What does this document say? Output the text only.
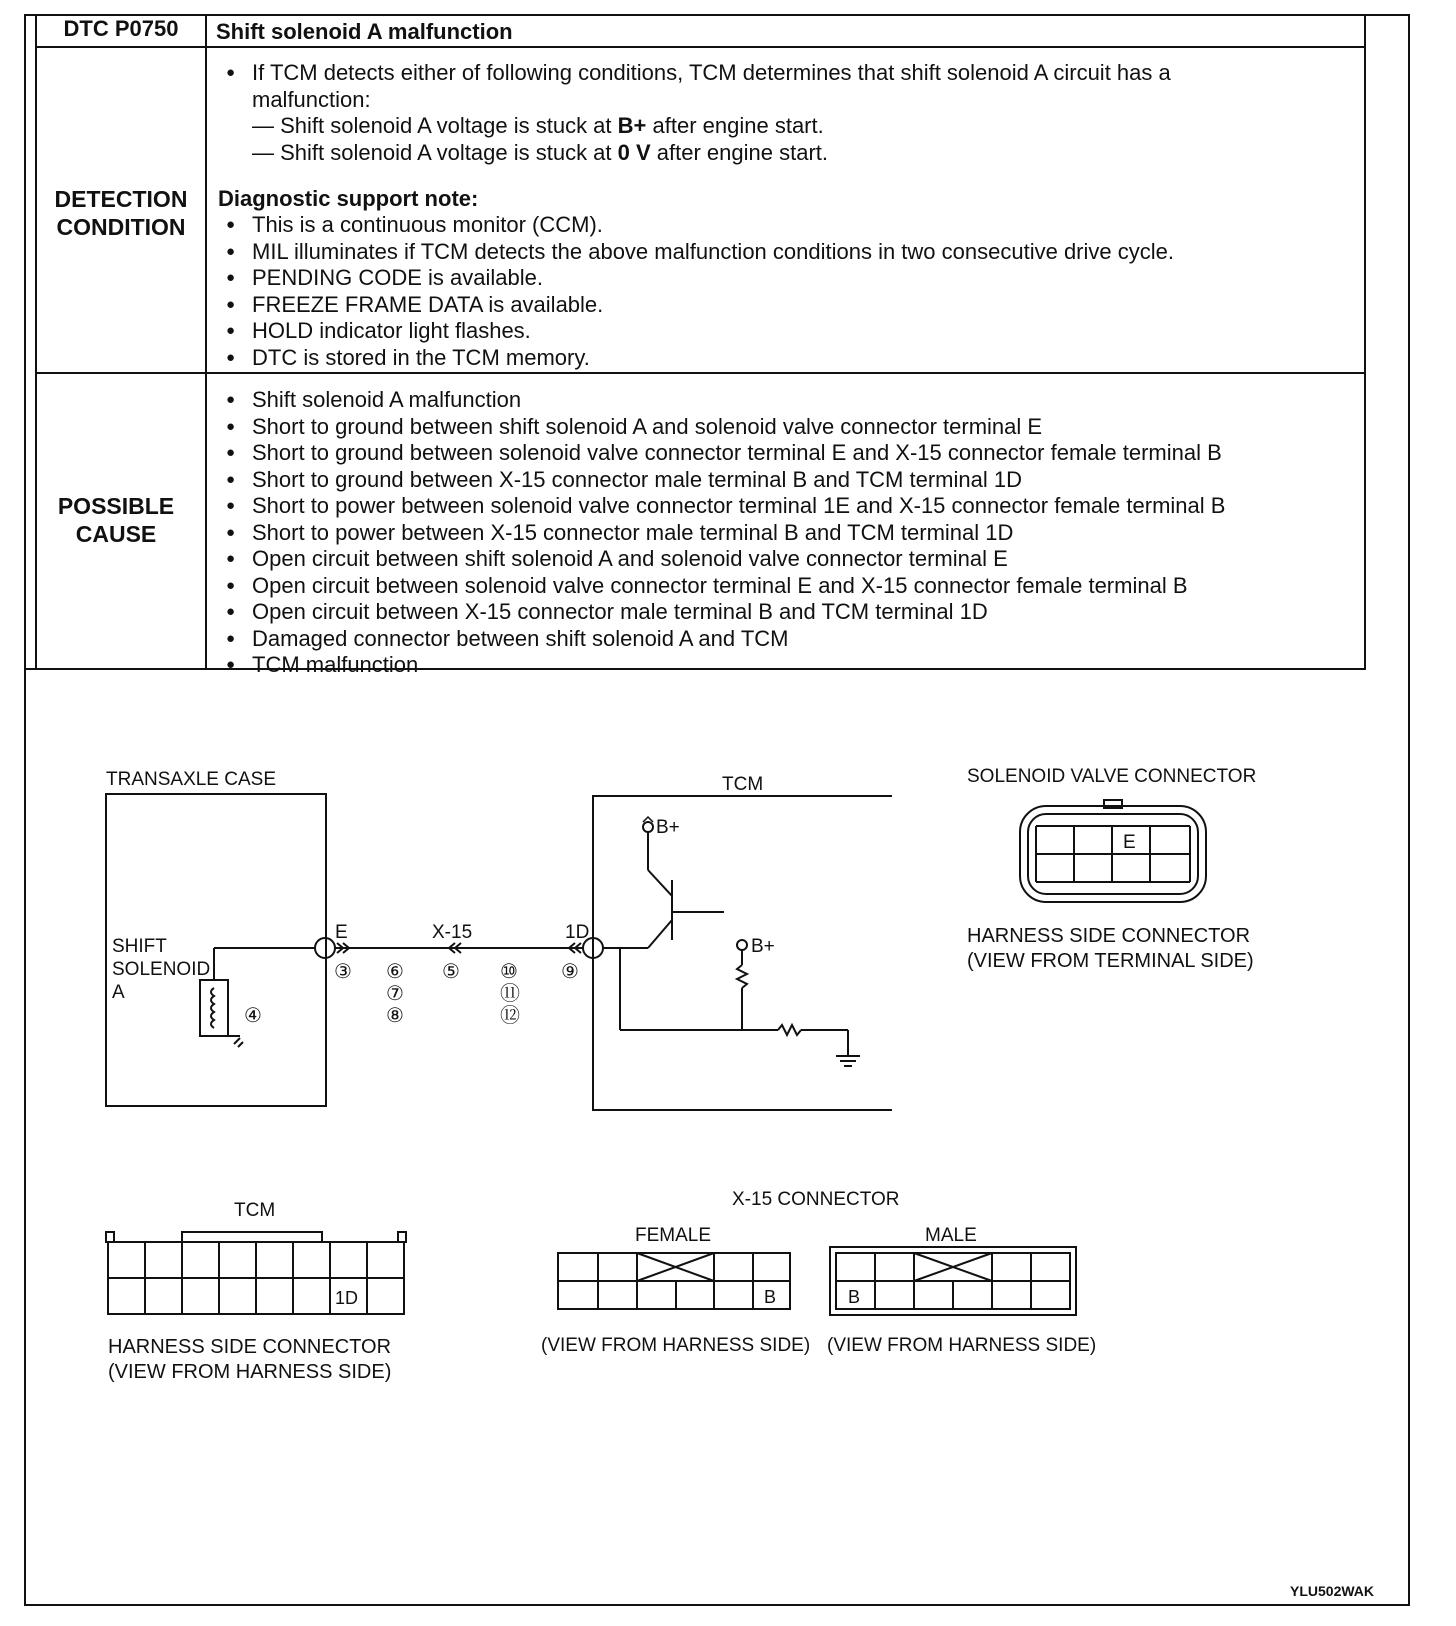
DTC P0750	Shift solenoid A malfunction
DETECTION
CONDITION
● If TCM detects either of following conditions, TCM determines that shift solenoid A circuit has a
malfunction:
— Shift solenoid A voltage is stuck at B+ after engine start.
— Shift solenoid A voltage is stuck at 0 V after engine start.
Diagnostic support note:
● This is a continuous monitor (CCM).
● MIL illuminates if TCM detects the above malfunction conditions in two consecutive drive cycle.
● PENDING CODE is available.
● FREEZE FRAME DATA is available.
● HOLD indicator light flashes.
● DTC is stored in the TCM memory.
POSSIBLE
CAUSE
● Shift solenoid A malfunction
● Short to ground between shift solenoid A and solenoid valve connector terminal E
● Short to ground between solenoid valve connector terminal E and X-15 connector female terminal B
● Short to ground between X-15 connector male terminal B and TCM terminal 1D
● Short to power between solenoid valve connector terminal 1E and X-15 connector female terminal B
● Short to power between X-15 connector male terminal B and TCM terminal 1D
● Open circuit between shift solenoid A and solenoid valve connector terminal E
● Open circuit between solenoid valve connector terminal E and X-15 connector female terminal B
● Open circuit between X-15 connector male terminal B and TCM terminal 1D
● Damaged connector between shift solenoid A and TCM
● TCM malfunction
TRANSAXLE CASE	TCM
SHIFT
SOLENOID
A
E	X-15	1D
B+
B+
③
④
⑤
⑥
⑦
⑧
⑨
⑩
⑪
⑫
SOLENOID VALVE CONNECTOR
E
HARNESS SIDE CONNECTOR
(VIEW FROM TERMINAL SIDE)
TCM
1D
HARNESS SIDE CONNECTOR
(VIEW FROM HARNESS SIDE)
X-15 CONNECTOR
FEMALE	MALE
B	B
(VIEW FROM HARNESS SIDE) (VIEW FROM HARNESS SIDE)
YLU502WAK
